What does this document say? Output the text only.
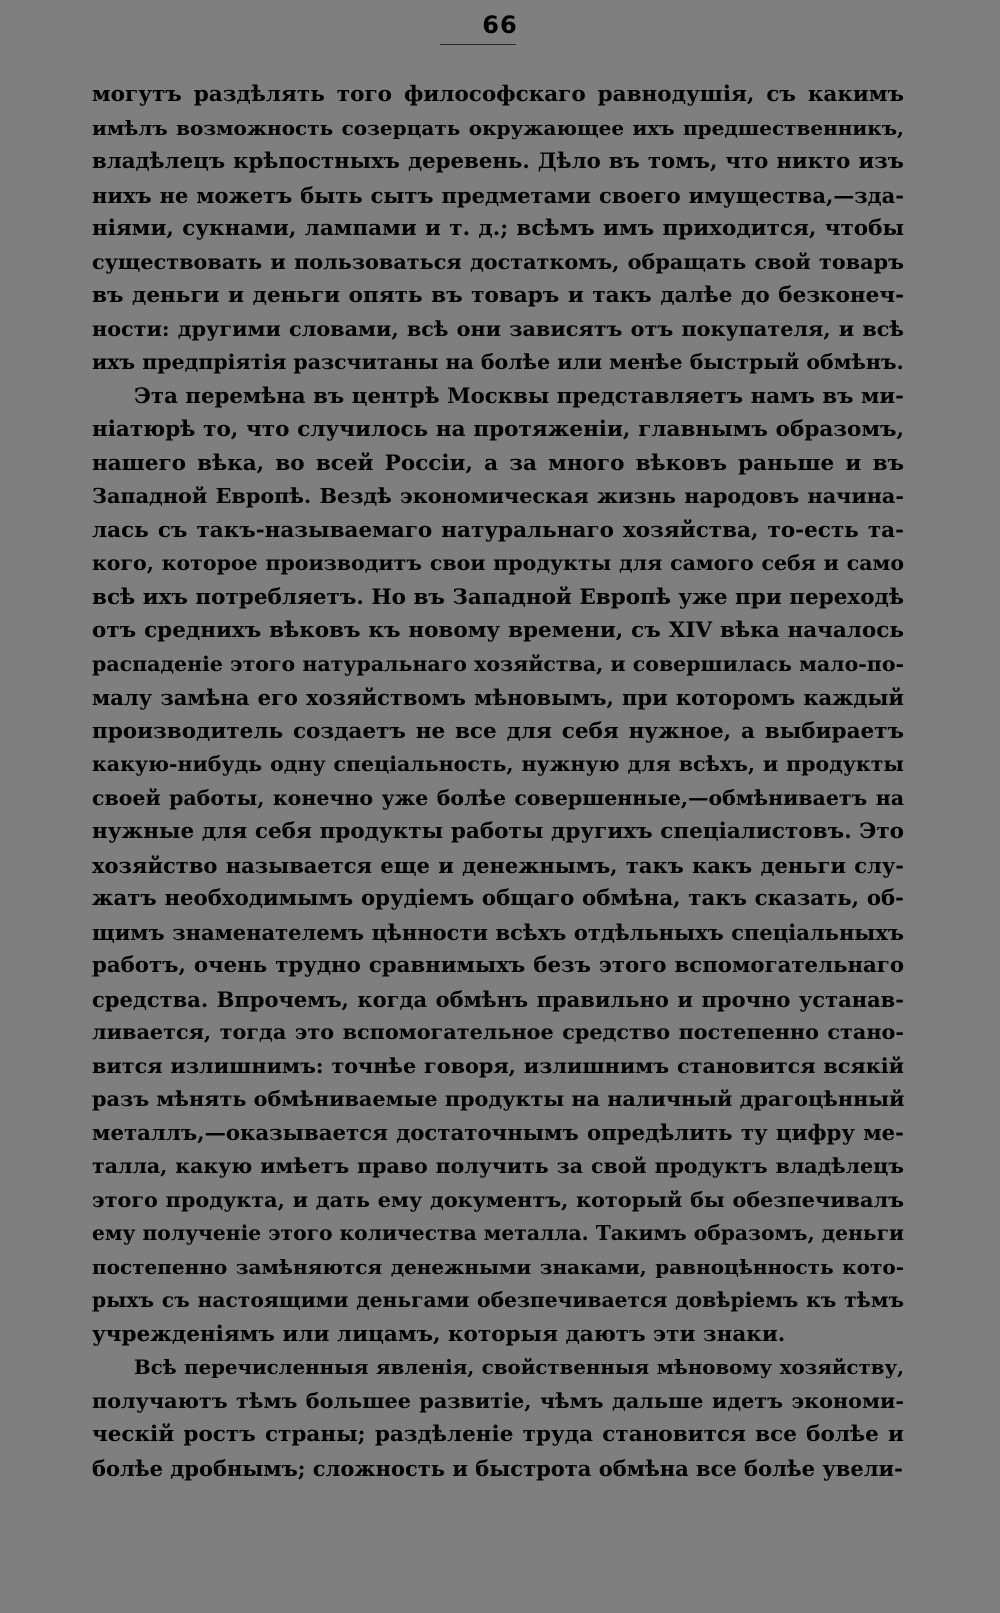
66
могутъ раздѣлять того философскаго равнодушія, съ какимъ
имѣлъ возможность созерцать окружающее ихъ предшественникъ,
владѣлецъ крѣпостныхъ деревень. Дѣло въ томъ, что никто изъ
нихъ не можетъ быть сытъ предметами своего имущества,—зда-
ніями, сукнами, лампами и т. д.; всѣмъ имъ приходится, чтобы
существовать и пользоваться достаткомъ, обращать свой товаръ
въ деньги и деньги опять въ товаръ и такъ далѣе до безконеч-
ности: другими словами, всѣ они зависятъ отъ покупателя, и всѣ
ихъ предпріятія разсчитаны на болѣе или менѣе быстрый обмѣнъ.
Эта перемѣна въ центрѣ Москвы представляетъ намъ въ ми-
ніатюрѣ то, что случилось на протяженіи, главнымъ образомъ,
нашего вѣка, во всей Россіи, а за много вѣковъ раньше и въ
Западной Европѣ. Вездѣ экономическая жизнь народовъ начина-
лась съ такъ-называемаго натуральнаго хозяйства, то-есть та-
кого, которое производитъ свои продукты для самого себя и само
всѣ ихъ потребляетъ. Но въ Западной Европѣ уже при переходѣ
отъ среднихъ вѣковъ къ новому времени, съ XIV вѣка началось
распаденіе этого натуральнаго хозяйства, и совершилась мало-по-
малу замѣна его хозяйствомъ мѣновымъ, при которомъ каждый
производитель создаетъ не все для себя нужное, а выбираетъ
какую-нибудь одну спеціальность, нужную для всѣхъ, и продукты
своей работы, конечно уже болѣе совершенные,—обмѣниваетъ на
нужные для себя продукты работы другихъ спеціалистовъ. Это
хозяйство называется еще и денежнымъ, такъ какъ деньги слу-
жатъ необходимымъ орудіемъ общаго обмѣна, такъ сказать, об-
щимъ знаменателемъ цѣнности всѣхъ отдѣльныхъ спеціальныхъ
работъ, очень трудно сравнимыхъ безъ этого вспомогательнаго
средства. Впрочемъ, когда обмѣнъ правильно и прочно устанав-
ливается, тогда это вспомогательное средство постепенно стано-
вится излишнимъ: точнѣе говоря, излишнимъ становится всякій
разъ мѣнять обмѣниваемые продукты на наличный драгоцѣнный
металлъ,—оказывается достаточнымъ опредѣлить ту цифру ме-
талла, какую имѣетъ право получить за свой продуктъ владѣлецъ
этого продукта, и дать ему документъ, который бы обезпечивалъ
ему полученіе этого количества металла. Такимъ образомъ, деньги
постепенно замѣняются денежными знаками, равноцѣнность кото-
рыхъ съ настоящими деньгами обезпечивается довѣріемъ къ тѣмъ
учрежденіямъ или лицамъ, которыя даютъ эти знаки.
Всѣ перечисленныя явленія, свойственныя мѣновому хозяйству,
получаютъ тѣмъ большее развитіе, чѣмъ дальше идетъ экономи-
ческій ростъ страны; раздѣленіе труда становится все болѣе и
болѣе дробнымъ; сложность и быстрота обмѣна все болѣе увели-
